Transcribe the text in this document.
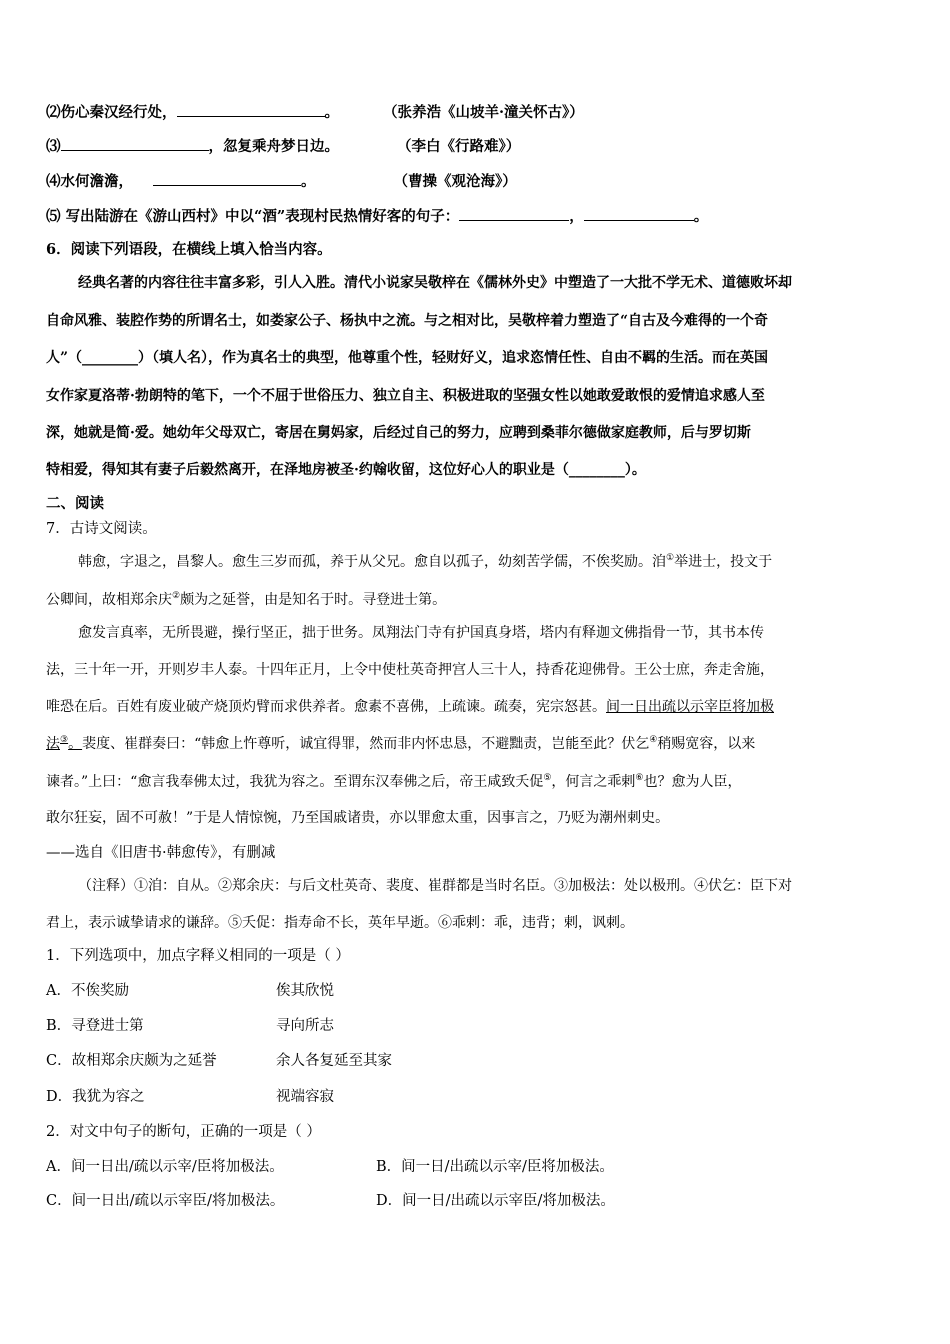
⑵伤心秦汉经行处，	。	（张养浩《山坡羊·潼关怀古》）
⑶	，忽复乘舟梦日边。	（李白《行路难》）
⑷水何澹澹，	。	（曹操《观沧海》）
⑸ 写出陆游在《游山西村》中以“酒”表现村民热情好客的句子：	，	。
6．阅读下列语段，在横线上填入恰当内容。
经典名著的内容往往丰富多彩，引人入胜。清代小说家吴敬梓在《儒林外史》中塑造了一大批不学无术、道德败坏却
自命风雅、装腔作势的所谓名士，如娄家公子、杨执中之流。与之相对比，吴敬梓着力塑造了“自古及今难得的一个奇
人”（________）（填人名），作为真名士的典型，他尊重个性，轻财好义，追求恣情任性、自由不羁的生活。而在英国
女作家夏洛蒂·勃朗特的笔下，一个不屈于世俗压力、独立自主、积极进取的坚强女性以她敢爱敢恨的爱情追求感人至
深，她就是简·爱。她幼年父母双亡，寄居在舅妈家，后经过自己的努力，应聘到桑菲尔德做家庭教师，后与罗切斯
特相爱，得知其有妻子后毅然离开，在泽地房被圣·约翰收留，这位好心人的职业是（________）。
二、阅读
7．古诗文阅读。
韩愈，字退之，昌黎人。愈生三岁而孤，养于从父兄。愈自以孤子，幼刻苦学儒，不俟奖励。洎①举进士，投文于
公卿间，故相郑余庆②颇为之延誉，由是知名于时。寻登进士第。
愈发言真率，无所畏避，操行坚正，拙于世务。凤翔法门寺有护国真身塔，塔内有释迦文佛指骨一节，其书本传
法，三十年一开，开则岁丰人泰。十四年正月，上令中使杜英奇押宫人三十人，持香花迎佛骨。王公士庶，奔走舍施，
唯恐在后。百姓有废业破产烧顶灼臂而求供养者。愈素不喜佛，上疏谏。疏奏，宪宗怒甚。间一日出疏以示宰臣将加极
法③。裴度、崔群奏曰：“韩愈上忤尊听，诚宜得罪，然而非内怀忠恳，不避黜责，岂能至此？伏乞④稍赐宽容，以来
谏者。”上曰：“愈言我奉佛太过，我犹为容之。至谓东汉奉佛之后，帝王咸致夭促⑤，何言之乖剌⑥也？愈为人臣，
敢尔狂妄，固不可赦！”于是人情惊惋，乃至国戚诸贵，亦以罪愈太重，因事言之，乃贬为潮州刺史。
——选自《旧唐书·韩愈传》，有删减
（注释）①洎：自从。②郑余庆：与后文杜英奇、裴度、崔群都是当时名臣。③加极法：处以极刑。④伏乞：臣下对
君上，表示诚挚请求的谦辞。⑤夭促：指寿命不长，英年早逝。⑥乖剌：乖，违背；剌，讽刺。
1．下列选项中，加点字释义相同的一项是（ ）
A．不俟奖励	俟其欣悦
B．寻登进士第	寻向所志
C．故相郑余庆颇为之延誉	余人各复延至其家
D．我犹为容之	视端容寂
2．对文中句子的断句，正确的一项是（ ）
A．间一日出/疏以示宰/臣将加极法。	B．间一日/出疏以示宰/臣将加极法。
C．间一日出/疏以示宰臣/将加极法。	D．间一日/出疏以示宰臣/将加极法。
